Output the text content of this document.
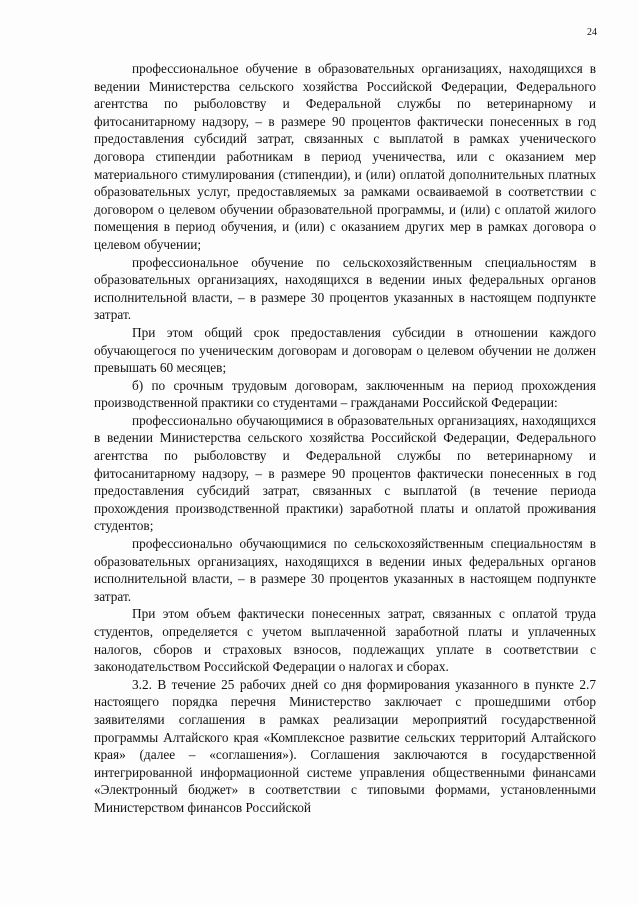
24

профессиональное обучение в образовательных организациях, находящихся в ведении Министерства сельского хозяйства Российской Федерации, Федерального агентства по рыболовству и Федеральной службы по ветеринарному и фитосанитарному надзору, – в размере 90 процентов фактически понесенных в год предоставления субсидий затрат, связанных с выплатой в рамках ученического договора стипендии работникам в период ученичества, или с оказанием мер материального стимулирования (стипендии), и (или) оплатой дополнительных платных образовательных услуг, предоставляемых за рамками осваиваемой в соответствии с договором о целевом обучении образовательной программы, и (или) с оплатой жилого помещения в период обучения, и (или) с оказанием других мер в рамках договора о целевом обучении;

профессиональное обучение по сельскохозяйственным специальностям в образовательных организациях, находящихся в ведении иных федеральных органов исполнительной власти, – в размере 30 процентов указанных в настоящем подпункте затрат.

При этом общий срок предоставления субсидии в отношении каждого обучающегося по ученическим договорам и договорам о целевом обучении не должен превышать 60 месяцев;

б) по срочным трудовым договорам, заключенным на период прохождения производственной практики со студентами – гражданами Российской Федерации:

профессионально обучающимися в образовательных организациях, находящихся в ведении Министерства сельского хозяйства Российской Федерации, Федерального агентства по рыболовству и Федеральной службы по ветеринарному и фитосанитарному надзору, – в размере 90 процентов фактически понесенных в год предоставления субсидий затрат, связанных с выплатой (в течение периода прохождения производственной практики) заработной платы и оплатой проживания студентов;

профессионально обучающимися по сельскохозяйственным специальностям в образовательных организациях, находящихся в ведении иных федеральных органов исполнительной власти, – в размере 30 процентов указанных в настоящем подпункте затрат.

При этом объем фактически понесенных затрат, связанных с оплатой труда студентов, определяется с учетом выплаченной заработной платы и уплаченных налогов, сборов и страховых взносов, подлежащих уплате в соответствии с законодательством Российской Федерации о налогах и сборах.

3.2. В течение 25 рабочих дней со дня формирования указанного в пункте 2.7 настоящего порядка перечня Министерство заключает с прошедшими отбор заявителями соглашения в рамках реализации мероприятий государственной программы Алтайского края «Комплексное развитие сельских территорий Алтайского края» (далее – «соглашения»). Соглашения заключаются в государственной интегрированной информационной системе управления общественными финансами «Электронный бюджет» в соответствии с типовыми формами, установленными Министерством финансов Российской
